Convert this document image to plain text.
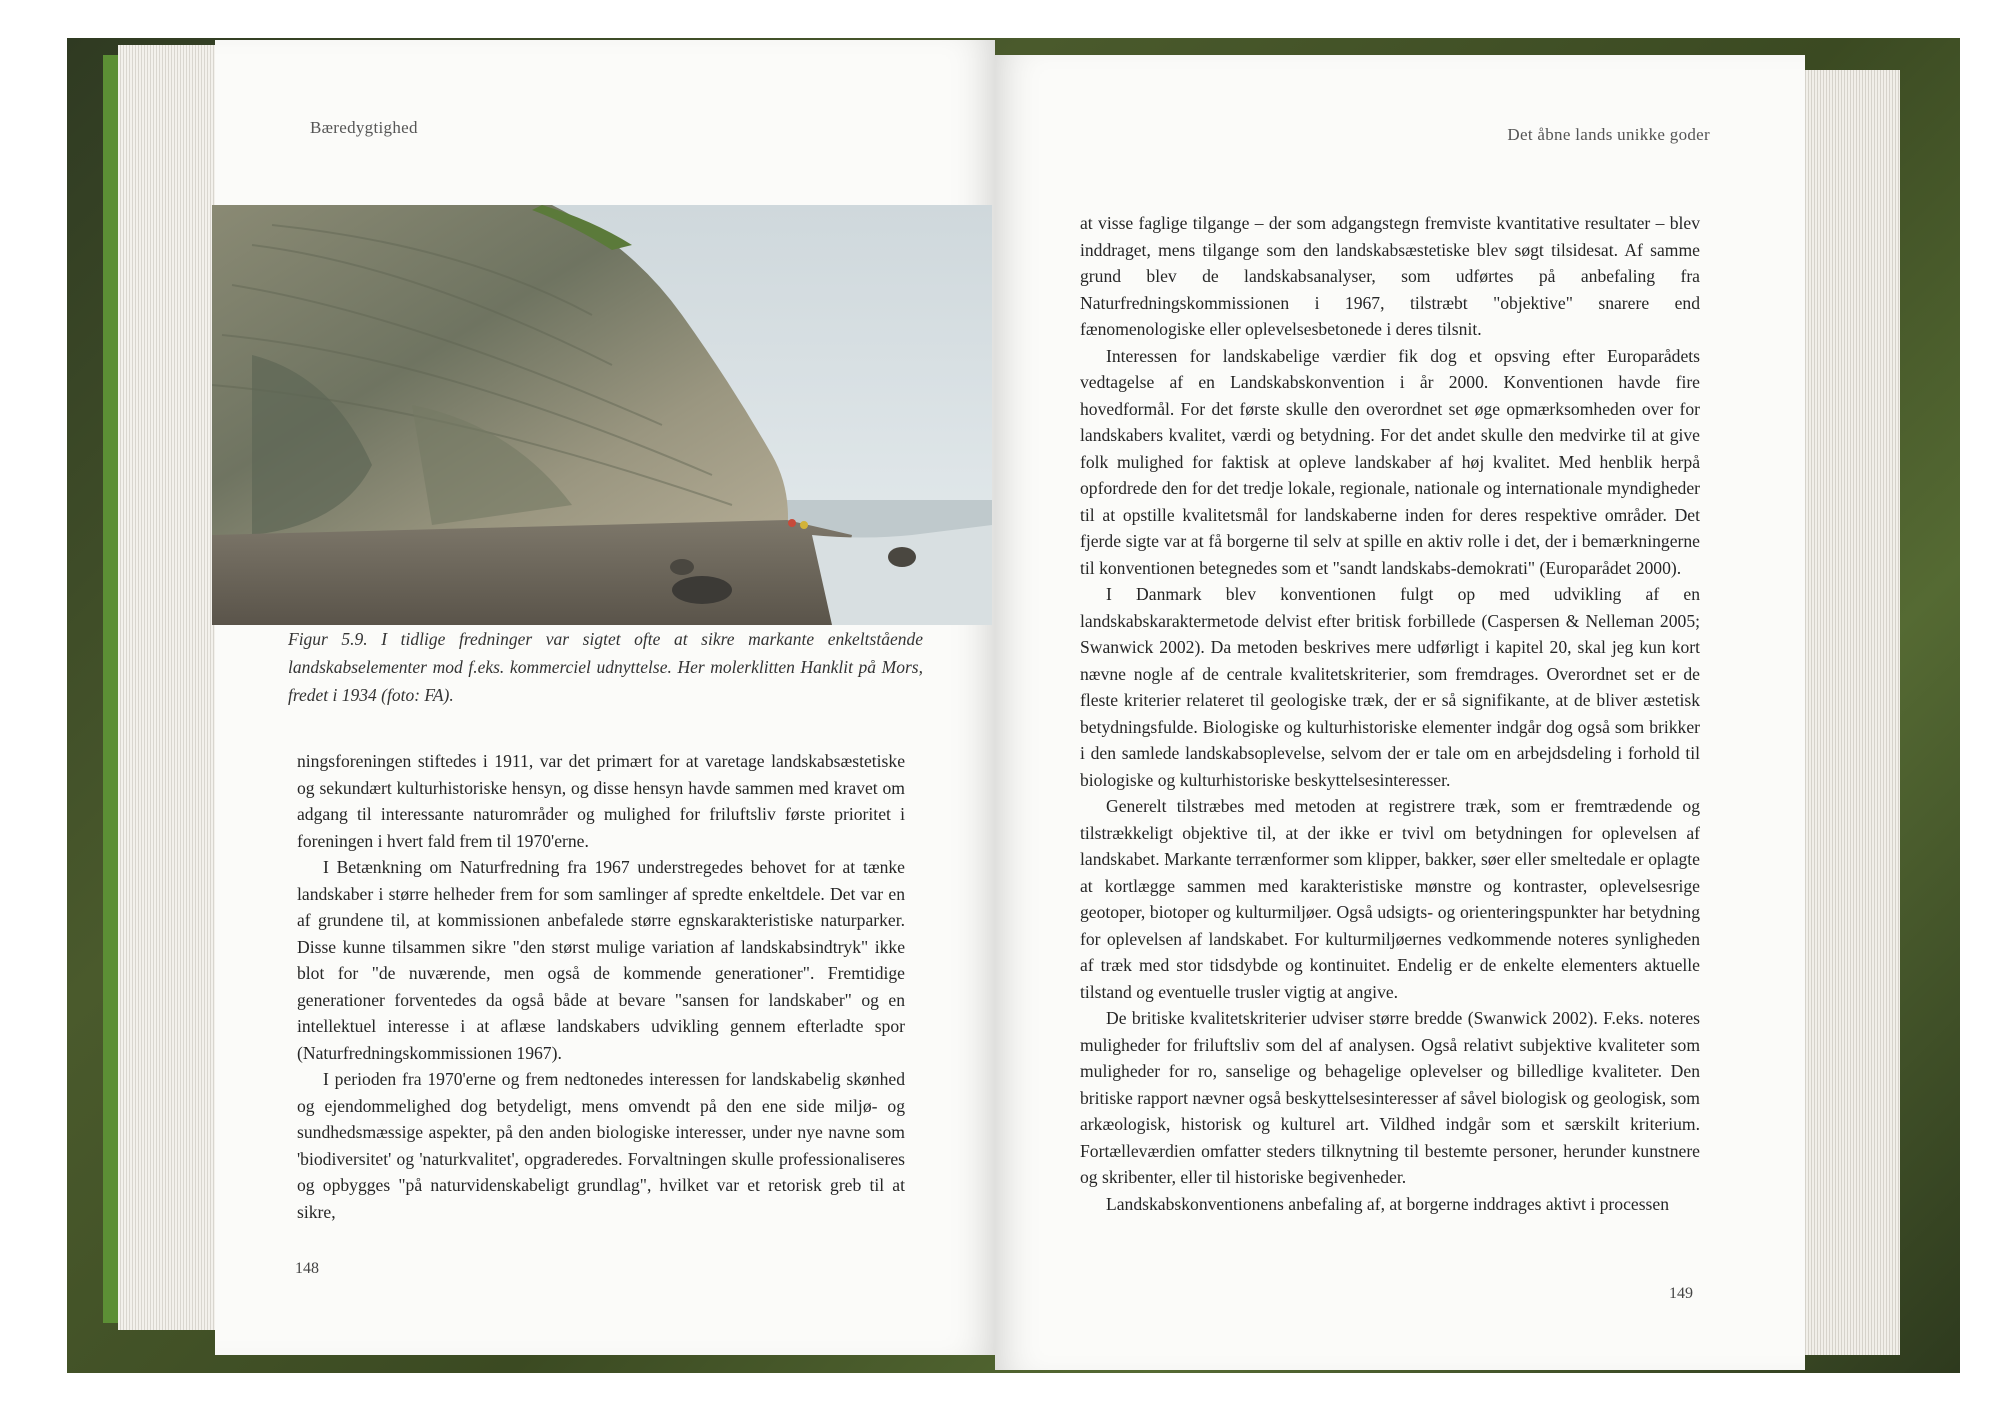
Bæredygtighed
148
Det åbne lands unikke goder
149
Figur 5.9. I tidlige fredninger var sigtet ofte at sikre markante enkeltstående landskabselementer mod f.eks. kommerciel udnyttelse. Her molerklitten Hanklit på Mors, fredet i 1934 (foto: FA).

ningsforeningen stiftedes i 1911, var det primært for at varetage landskabsæstetiske og sekundært kulturhistoriske hensyn, og disse hensyn havde sammen med kravet om adgang til interessante naturområder og mulighed for friluftsliv første prioritet i foreningen i hvert fald frem til 1970'erne.

I Betænkning om Naturfredning fra 1967 understregedes behovet for at tænke landskaber i større helheder frem for som samlinger af spredte enkeltdele. Det var en af grundene til, at kommissionen anbefalede større egnskarakteristiske naturparker. Disse kunne tilsammen sikre "den størst mulige variation af landskabsindtryk" ikke blot for "de nuværende, men også de kommende generationer". Fremtidige generationer forventedes da også både at bevare "sansen for landskaber" og en intellektuel interesse i at aflæse landskabers udvikling gennem efterladte spor (Naturfredningskommissionen 1967).

I perioden fra 1970'erne og frem nedtonedes interessen for landskabelig skønhed og ejendommelighed dog betydeligt, mens omvendt på den ene side miljø- og sundhedsmæssige aspekter, på den anden biologiske interesser, under nye navne som 'biodiversitet' og 'naturkvalitet', opgraderedes. Forvaltningen skulle professionaliseres og opbygges "på naturvidenskabeligt grundlag", hvilket var et retorisk greb til at sikre,

at visse faglige tilgange – der som adgangstegn fremviste kvantitative resultater – blev inddraget, mens tilgange som den landskabsæstetiske blev søgt tilsidesat. Af samme grund blev de landskabsanalyser, som udførtes på anbefaling fra Naturfredningskommissionen i 1967, tilstræbt "objektive" snarere end fænomenologiske eller oplevelsesbetonede i deres tilsnit.

Interessen for landskabelige værdier fik dog et opsving efter Europarådets vedtagelse af en Landskabskonvention i år 2000. Konventionen havde fire hovedformål. For det første skulle den overordnet set øge opmærksomheden over for landskabers kvalitet, værdi og betydning. For det andet skulle den medvirke til at give folk mulighed for faktisk at opleve landskaber af høj kvalitet. Med henblik herpå opfordrede den for det tredje lokale, regionale, nationale og internationale myndigheder til at opstille kvalitetsmål for landskaberne inden for deres respektive områder. Det fjerde sigte var at få borgerne til selv at spille en aktiv rolle i det, der i bemærkningerne til konventionen betegnedes som et "sandt landskabs-demokrati" (Europarådet 2000).

I Danmark blev konventionen fulgt op med udvikling af en landskabskaraktermetode delvist efter britisk forbillede (Caspersen & Nelleman 2005; Swanwick 2002). Da metoden beskrives mere udførligt i kapitel 20, skal jeg kun kort nævne nogle af de centrale kvalitetskriterier, som fremdrages. Overordnet set er de fleste kriterier relateret til geologiske træk, der er så signifikante, at de bliver æstetisk betydningsfulde. Biologiske og kulturhistoriske elementer indgår dog også som brikker i den samlede landskabsoplevelse, selvom der er tale om en arbejdsdeling i forhold til biologiske og kulturhistoriske beskyttelsesinteresser.

Generelt tilstræbes med metoden at registrere træk, som er fremtrædende og tilstrækkeligt objektive til, at der ikke er tvivl om betydningen for oplevelsen af landskabet. Markante terrænformer som klipper, bakker, søer eller smeltedale er oplagte at kortlægge sammen med karakteristiske mønstre og kontraster, oplevelsesrige geotoper, biotoper og kulturmiljøer. Også udsigts- og orienteringspunkter har betydning for oplevelsen af landskabet. For kulturmiljøernes vedkommende noteres synligheden af træk med stor tidsdybde og kontinuitet. Endelig er de enkelte elementers aktuelle tilstand og eventuelle trusler vigtig at angive.

De britiske kvalitetskriterier udviser større bredde (Swanwick 2002). F.eks. noteres muligheder for friluftsliv som del af analysen. Også relativt subjektive kvaliteter som muligheder for ro, sanselige og behagelige oplevelser og billedlige kvaliteter. Den britiske rapport nævner også beskyttelsesinteresser af såvel biologisk og geologisk, som arkæologisk, historisk og kulturel art. Vildhed indgår som et særskilt kriterium. Fortælleværdien omfatter steders tilknytning til bestemte personer, herunder kunstnere og skribenter, eller til historiske begivenheder.

Landskabskonventionens anbefaling af, at borgerne inddrages aktivt i processen
